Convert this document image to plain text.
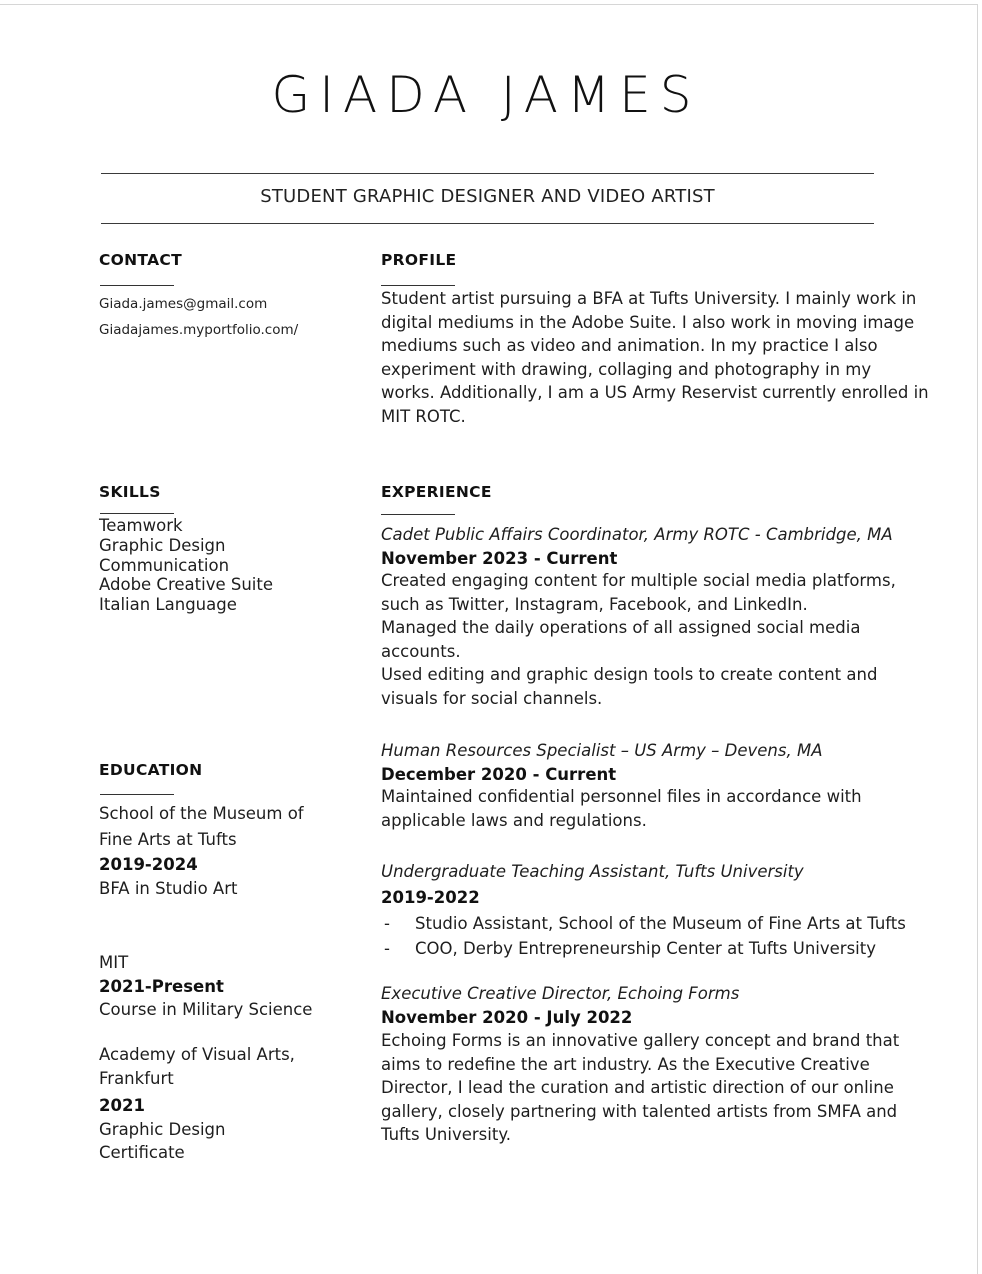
GIADA JAMES
STUDENT GRAPHIC DESIGNER AND VIDEO ARTIST
CONTACT
Giada.james@gmail.com
Giadajames.myportfolio.com/
PROFILE
Student artist pursuing a BFA at Tufts University. I mainly work in
digital mediums in the Adobe Suite. I also work in moving image
mediums such as video and animation. In my practice I also
experiment with drawing, collaging and photography in my
works. Additionally, I am a US Army Reservist currently enrolled in
MIT ROTC.
SKILLS
Teamwork
Graphic Design
Communication
Adobe Creative Suite
Italian Language
EXPERIENCE
Cadet Public Affairs Coordinator, Army ROTC - Cambridge, MA
November 2023 - Current
Created engaging content for multiple social media platforms,
such as Twitter, Instagram, Facebook, and LinkedIn.
Managed the daily operations of all assigned social media
accounts.
Used editing and graphic design tools to create content and
visuals for social channels.
Human Resources Specialist – US Army – Devens, MA
December 2020 - Current
Maintained confidential personnel files in accordance with
applicable laws and regulations.
Undergraduate Teaching Assistant, Tufts University
2019-2022
- Studio Assistant, School of the Museum of Fine Arts at Tufts
- COO, Derby Entrepreneurship Center at Tufts University
Executive Creative Director, Echoing Forms
November 2020 - July 2022
Echoing Forms is an innovative gallery concept and brand that
aims to redefine the art industry. As the Executive Creative
Director, I lead the curation and artistic direction of our online
gallery, closely partnering with talented artists from SMFA and
Tufts University.
EDUCATION
School of the Museum of
Fine Arts at Tufts
2019-2024
BFA in Studio Art
MIT
2021-Present
Course in Military Science
Academy of Visual Arts,
Frankfurt
2021
Graphic Design
Certificate
